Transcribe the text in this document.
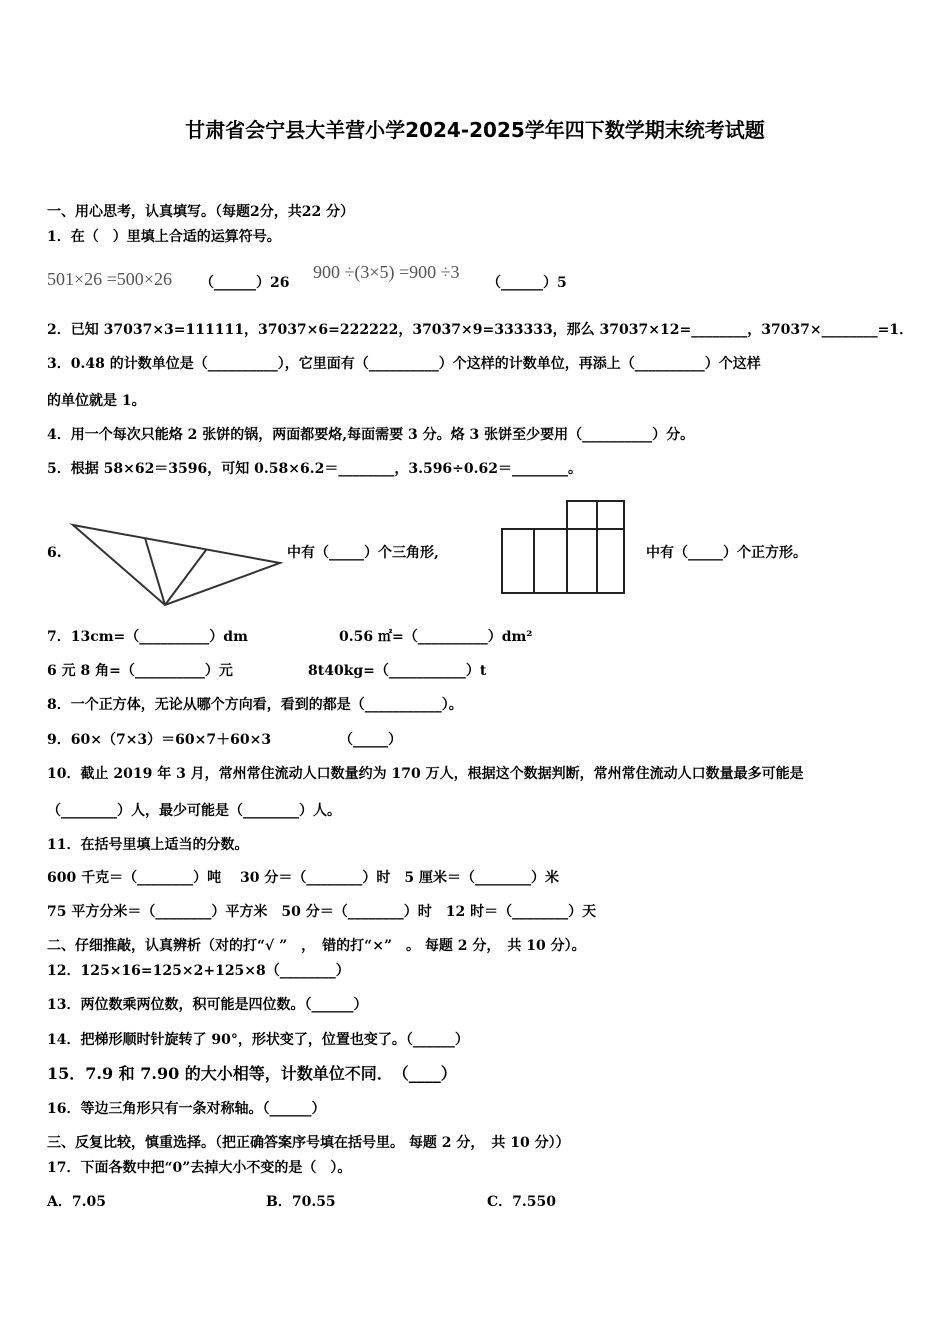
甘肃省会宁县大羊营小学2024-2025学年四下数学期末统考试题
一、用心思考，认真填写。（每题2分，共22 分）
1．在（　）里填上合适的运算符号。
501×26 =500×26 （______）26
900 ÷(3×5) =900 ÷3
（______）5
2．已知 37037×3=111111，37037×6=222222，37037×9=333333，那么 37037×12=________，37037×________=1．
3．0.48 的计数单位是（__________），它里面有（__________）个这样的计数单位，再添上（__________）个这样
的单位就是 1。
4．用一个每次只能烙 2 张饼的锅，两面都要烙,每面需要 3 分。烙 3 张饼至少要用（__________）分。
5．根据 58×62＝3596，可知 0.58×6.2＝________，3.596÷0.62＝________。
6.	中有（_____）个三角形,	中有（_____）个正方形。
7．13cm=（__________）dm	0.56 ㎡=（__________）dm²
6 元 8 角=（__________）元	8t40kg=（___________）t
8．一个正方体，无论从哪个方向看，看到的都是（___________）。
9．60×（7×3）＝60×7＋60×3	（_____）
10．截止 2019 年 3 月，常州常住流动人口数量约为 170 万人，根据这个数据判断，常州常住流动人口数量最多可能是
（________）人，最少可能是（________）人。
11．在括号里填上适当的分数。
600 千克＝（________）吨　 30 分＝（________）时　5 厘米＝（________）米
75 平方分米＝（________）平方米　50 分＝（________）时　12 时＝（________）天
二、仔细推敲，认真辨析（对的打“√ ”　，　错的打“×”　。 每题 2 分，　共 10 分）。
12．125×16=125×2+125×8（________）
13．两位数乘两位数，积可能是四位数。（______）
14．把梯形顺时针旋转了 90°，形状变了，位置也变了。（______）
15．7.9 和 7.90 的大小相等，计数单位不同．　（____）
16．等边三角形只有一条对称轴。（______）
三、反复比较，慎重选择。（把正确答案序号填在括号里。 每题 2 分，　共 10 分））
17．下面各数中把“0”去掉大小不变的是（　）。
A．7.05	B．70.55	C．7.550
